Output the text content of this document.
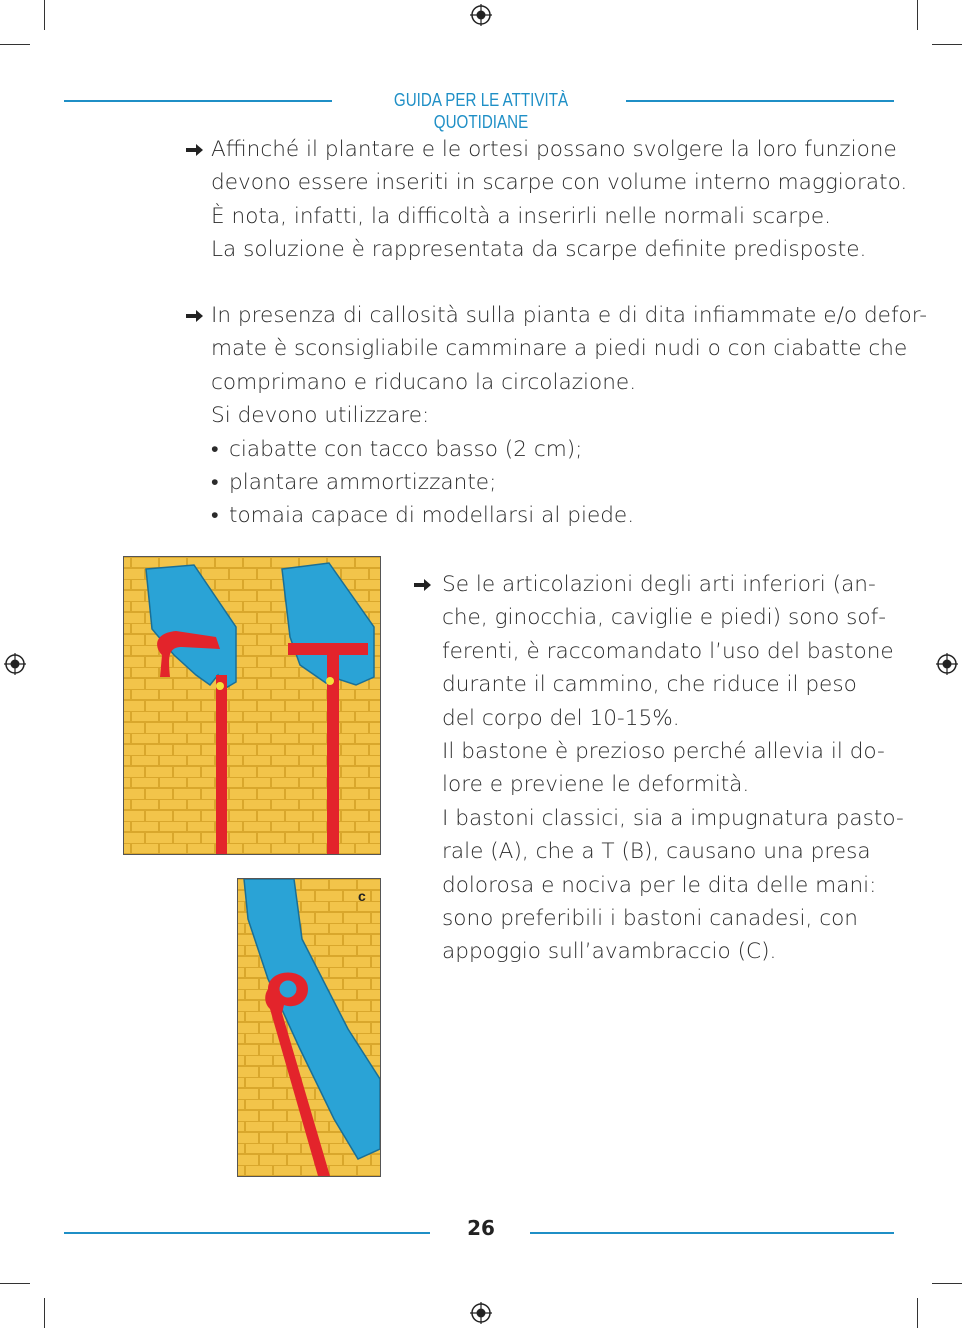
GUIDA PER LE ATTIVITÀ QUOTIDIANE
Affinché il plantare e le ortesi possano svolgere la loro funzione
devono essere inseriti in scarpe con volume interno maggiorato.
È nota, infatti, la difficoltà a inserirli nelle normali scarpe.
La soluzione è rappresentata da scarpe definite predisposte.
In presenza di callosità sulla pianta e di dita infiammate e/o defor-
mate è sconsigliabile camminare a piedi nudi o con ciabatte che
comprimano e riducano la circolazione.
Si devono utilizzare:
• ciabatte con tacco basso (2 cm);
• plantare ammortizzante;
• tomaia capace di modellarsi al piede.
c
Se le articolazioni degli arti inferiori (an-
che, ginocchia, caviglie e piedi) sono sof-
ferenti, è raccomandato l’uso del bastone
durante il cammino, che riduce il peso
del corpo del 10-15%.
Il bastone è prezioso perché allevia il do-
lore e previene le deformità.
I bastoni classici, sia a impugnatura pasto-
rale (A), che a T (B), causano una presa
dolorosa e nociva per le dita delle mani:
sono preferibili i bastoni canadesi, con
appoggio sull’avambraccio (C).
26
